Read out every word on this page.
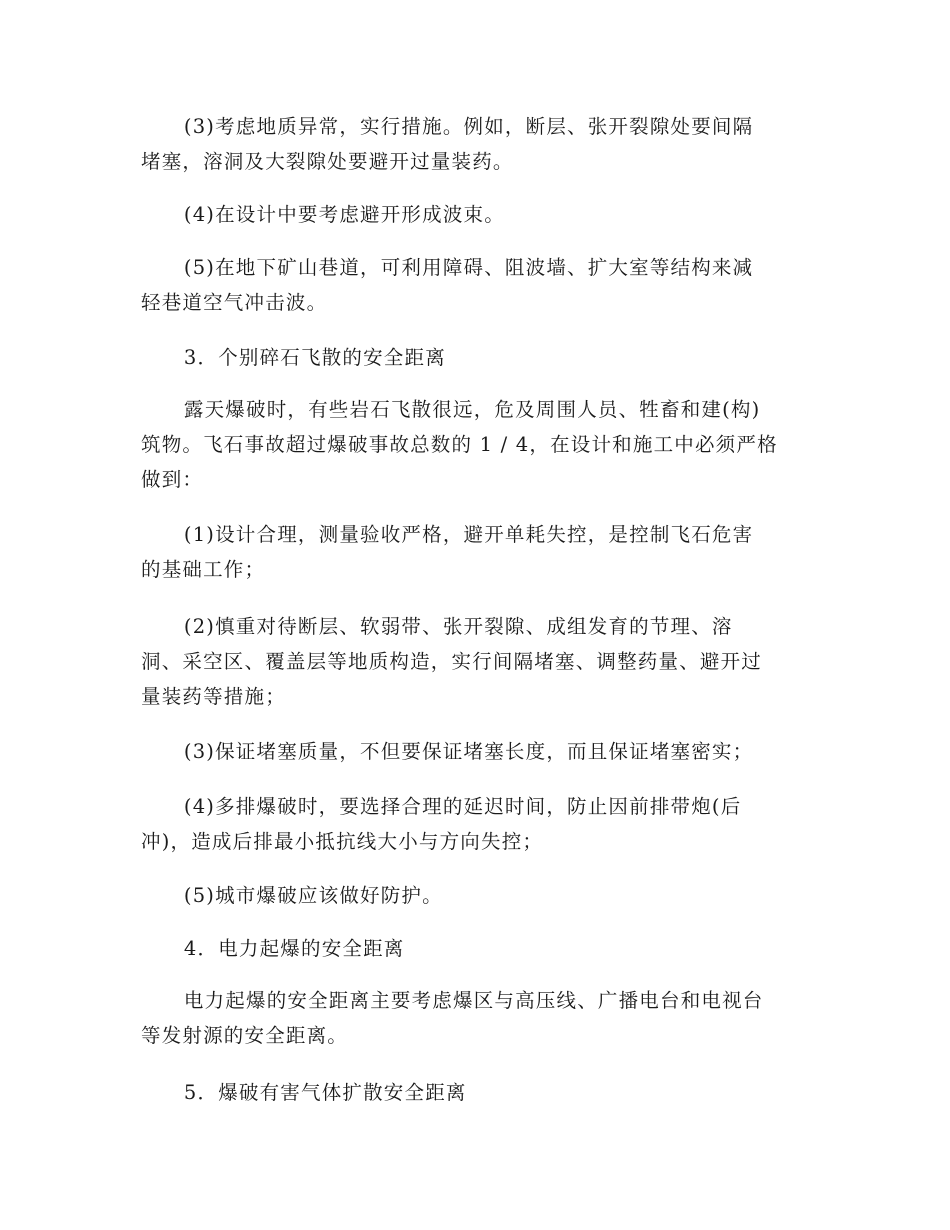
(3)考虑地质异常，实行措施。例如，断层、张开裂隙处要间隔
堵塞，溶洞及大裂隙处要避开过量装药。

(4)在设计中要考虑避开形成波束。

(5)在地下矿山巷道，可利用障碍、阻波墙、扩大室等结构来减
轻巷道空气冲击波。

3．个别碎石飞散的安全距离

露天爆破时，有些岩石飞散很远，危及周围人员、牲畜和建(构)
筑物。飞石事故超过爆破事故总数的 1 / 4，在设计和施工中必须严格
做到：

(1)设计合理，测量验收严格，避开单耗失控，是控制飞石危害
的基础工作；

(2)慎重对待断层、软弱带、张开裂隙、成组发育的节理、溶
洞、采空区、覆盖层等地质构造，实行间隔堵塞、调整药量、避开过
量装药等措施；

(3)保证堵塞质量，不但要保证堵塞长度，而且保证堵塞密实；

(4)多排爆破时，要选择合理的延迟时间，防止因前排带炮(后
冲)，造成后排最小抵抗线大小与方向失控；

(5)城市爆破应该做好防护。

4．电力起爆的安全距离

电力起爆的安全距离主要考虑爆区与高压线、广播电台和电视台
等发射源的安全距离。

5．爆破有害气体扩散安全距离
